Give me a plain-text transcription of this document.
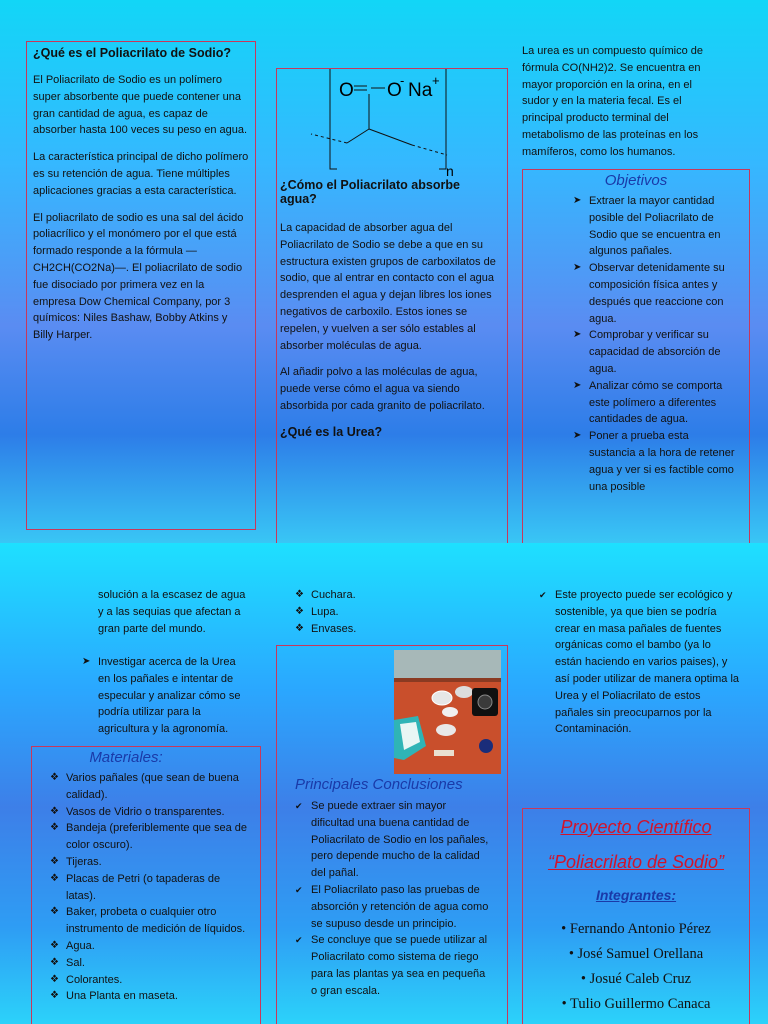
¿Qué es el Poliacrilato de Sodio?

El Poliacrilato de Sodio es un polímero super absorbente que puede contener una gran cantidad de agua, es capaz de absorber hasta 100 veces su peso en agua.

La característica principal de dicho polímero es su retención de agua. Tiene múltiples aplicaciones gracias a esta característica.

El poliacrilato de sodio es una sal del ácido poliacrílico y el monómero por el que está formado responde a la fórmula —CH2CH(CO2Na)—. El poliacrilato de sodio fue disociado por primera vez en la empresa Dow Chemical Company, por 3 químicos: Niles Bashaw, Bobby Atkins y Billy Harper.

O O
- Na +
n
¿Cómo el Poliacrilato absorbe agua?

La capacidad de absorber agua del Poliacrilato de Sodio se debe a que en su estructura existen grupos de carboxilatos de sodio, que al entrar en contacto con el agua desprenden el agua y dejan libres los iones negativos de carboxilo. Estos iones se repelen, y vuelven a ser sólo estables al absorber moléculas de agua.

Al añadir polvo a las moléculas de agua, puede verse cómo el agua va siendo absorbida por cada granito de poliacrilato.

¿Qué es la Urea?
La urea es un compuesto químico de fórmula CO(NH2)2. Se encuentra en mayor proporción en la orina, en el sudor y en la materia fecal. Es el principal producto terminal del metabolismo de las proteínas en los mamíferos, como los humanos.
Objetivos
➤ Extraer la mayor cantidad posible del Poliacrilato de Sodio que se encuentra en algunos pañales.
➤ Observar detenidamente su composición física antes y después que reaccione con agua.
➤ Comprobar y verificar su capacidad de absorción de agua.
➤ Analizar cómo se comporta este polímero a diferentes cantidades de agua.
➤ Poner a prueba esta sustancia a la hora de retener agua y ver si es factible como una posible
solución a la escasez de agua y a las sequias que afectan a gran parte del mundo.
➤ Investigar acerca de la Urea en los pañales e intentar de especular y analizar cómo se podría utilizar para la agricultura y la agronomía.
Materiales:
❖ Varios pañales (que sean de buena calidad).
❖ Vasos de Vidrio o transparentes.
❖ Bandeja (preferiblemente que sea de color oscuro).
❖ Tijeras.
❖ Placas de Petri (o tapaderas de latas).
❖ Baker, probeta o cualquier otro instrumento de medición de líquidos.
❖ Agua.
❖ Sal.
❖ Colorantes.
❖ Una Planta en maseta.
❖ Cuchara.
❖ Lupa.
❖ Envases.
Principales Conclusiones
✔ Se puede extraer sin mayor dificultad una buena cantidad de Poliacrilato de Sodio en los pañales, pero depende mucho de la calidad del pañal.
✔ El Poliacrilato paso las pruebas de absorción y retención de agua como se supuso desde un principio.
✔ Se concluye que se puede utilizar al Poliacrilato como sistema de riego para las plantas ya sea en pequeña o gran escala.
✔ Este proyecto puede ser ecológico y sostenible, ya que bien se podría crear en masa pañales de fuentes orgánicas como el bambo (ya lo están haciendo en varios paises), y así poder utilizar de manera optima la Urea y el Poliacrilato de estos pañales sin preocuparnos por la Contaminación.
Proyecto Científico
“Poliacrilato de Sodio”
Integrantes:
• Fernando Antonio Pérez
• José Samuel Orellana
• Josué Caleb Cruz
• Tulio Guillermo Canaca
